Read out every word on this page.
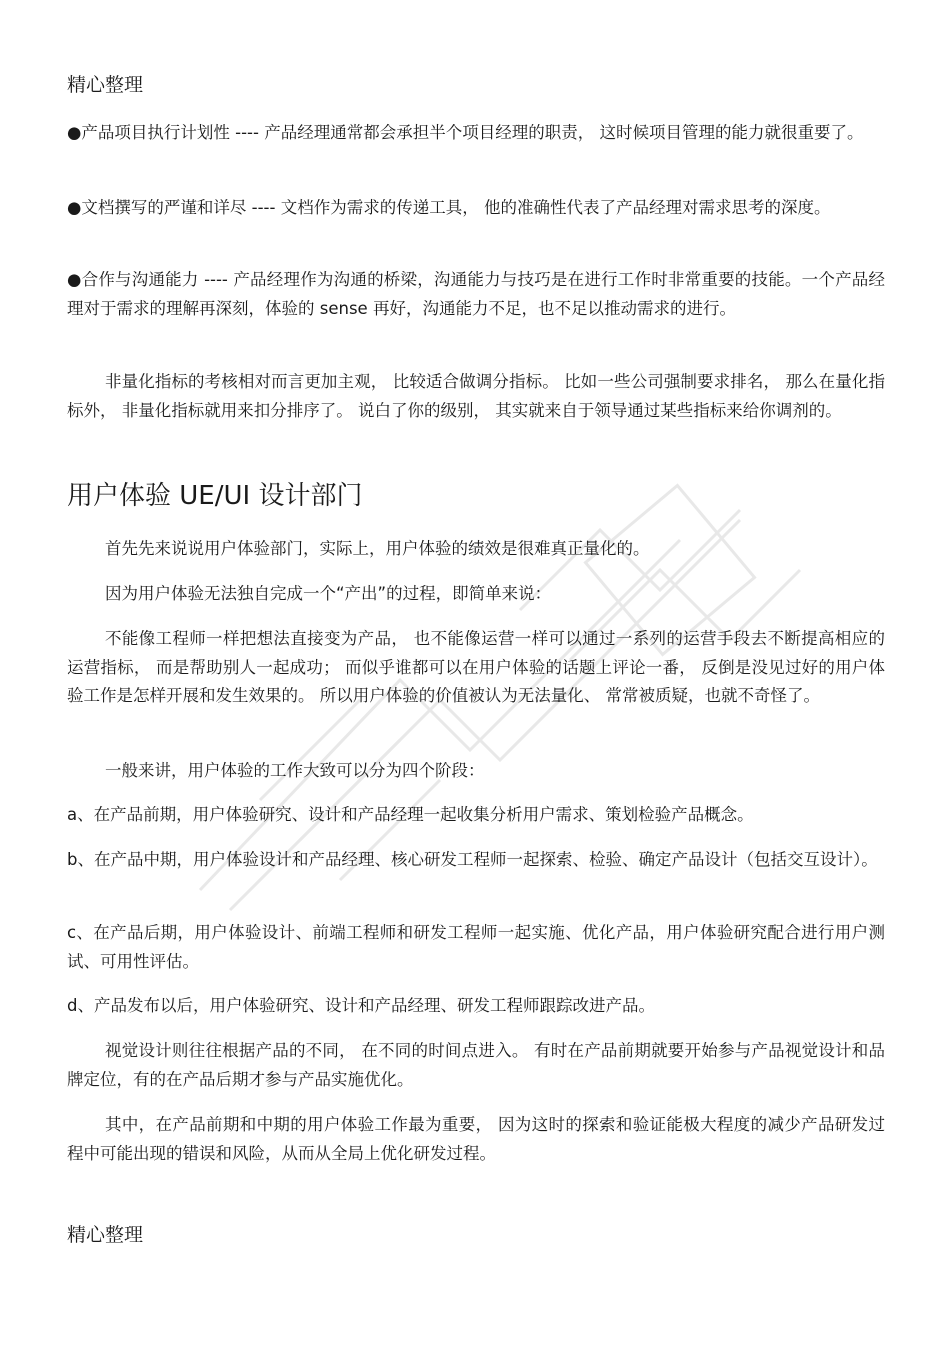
精心整理

●产品项目执行计划性 ---- 产品经理通常都会承担半个项目经理的职责， 这时候项目管理的能力就很重要了。

●文档撰写的严谨和详尽 ---- 文档作为需求的传递工具， 他的准确性代表了产品经理对需求思考的深度。

●合作与沟通能力 ---- 产品经理作为沟通的桥梁，沟通能力与技巧是在进行工作时非常重要的技能。一个产品经理对于需求的理解再深刻，体验的 sense 再好，沟通能力不足，也不足以推动需求的进行。

非量化指标的考核相对而言更加主观， 比较适合做调分指标。 比如一些公司强制要求排名， 那么在量化指标外， 非量化指标就用来扣分排序了。 说白了你的级别， 其实就来自于领导通过某些指标来给你调剂的。

用户体验 UE/UI 设计部门

首先先来说说用户体验部门，实际上，用户体验的绩效是很难真正量化的。

因为用户体验无法独自完成一个“产出”的过程，即简单来说：

不能像工程师一样把想法直接变为产品， 也不能像运营一样可以通过一系列的运营手段去不断提高相应的运营指标， 而是帮助别人一起成功； 而似乎谁都可以在用户体验的话题上评论一番， 反倒是没见过好的用户体验工作是怎样开展和发生效果的。 所以用户体验的价值被认为无法量化、 常常被质疑，也就不奇怪了。

一般来讲，用户体验的工作大致可以分为四个阶段：

a、在产品前期，用户体验研究、设计和产品经理一起收集分析用户需求、策划检验产品概念。

b、在产品中期，用户体验设计和产品经理、核心研发工程师一起探索、检验、确定产品设计（包括交互设计）。

c、在产品后期，用户体验设计、前端工程师和研发工程师一起实施、优化产品，用户体验研究配合进行用户测试、可用性评估。

d、产品发布以后，用户体验研究、设计和产品经理、研发工程师跟踪改进产品。

视觉设计则往往根据产品的不同， 在不同的时间点进入。 有时在产品前期就要开始参与产品视觉设计和品牌定位，有的在产品后期才参与产品实施优化。

其中，在产品前期和中期的用户体验工作最为重要， 因为这时的探索和验证能极大程度的减少产品研发过程中可能出现的错误和风险，从而从全局上优化研发过程。

精心整理
